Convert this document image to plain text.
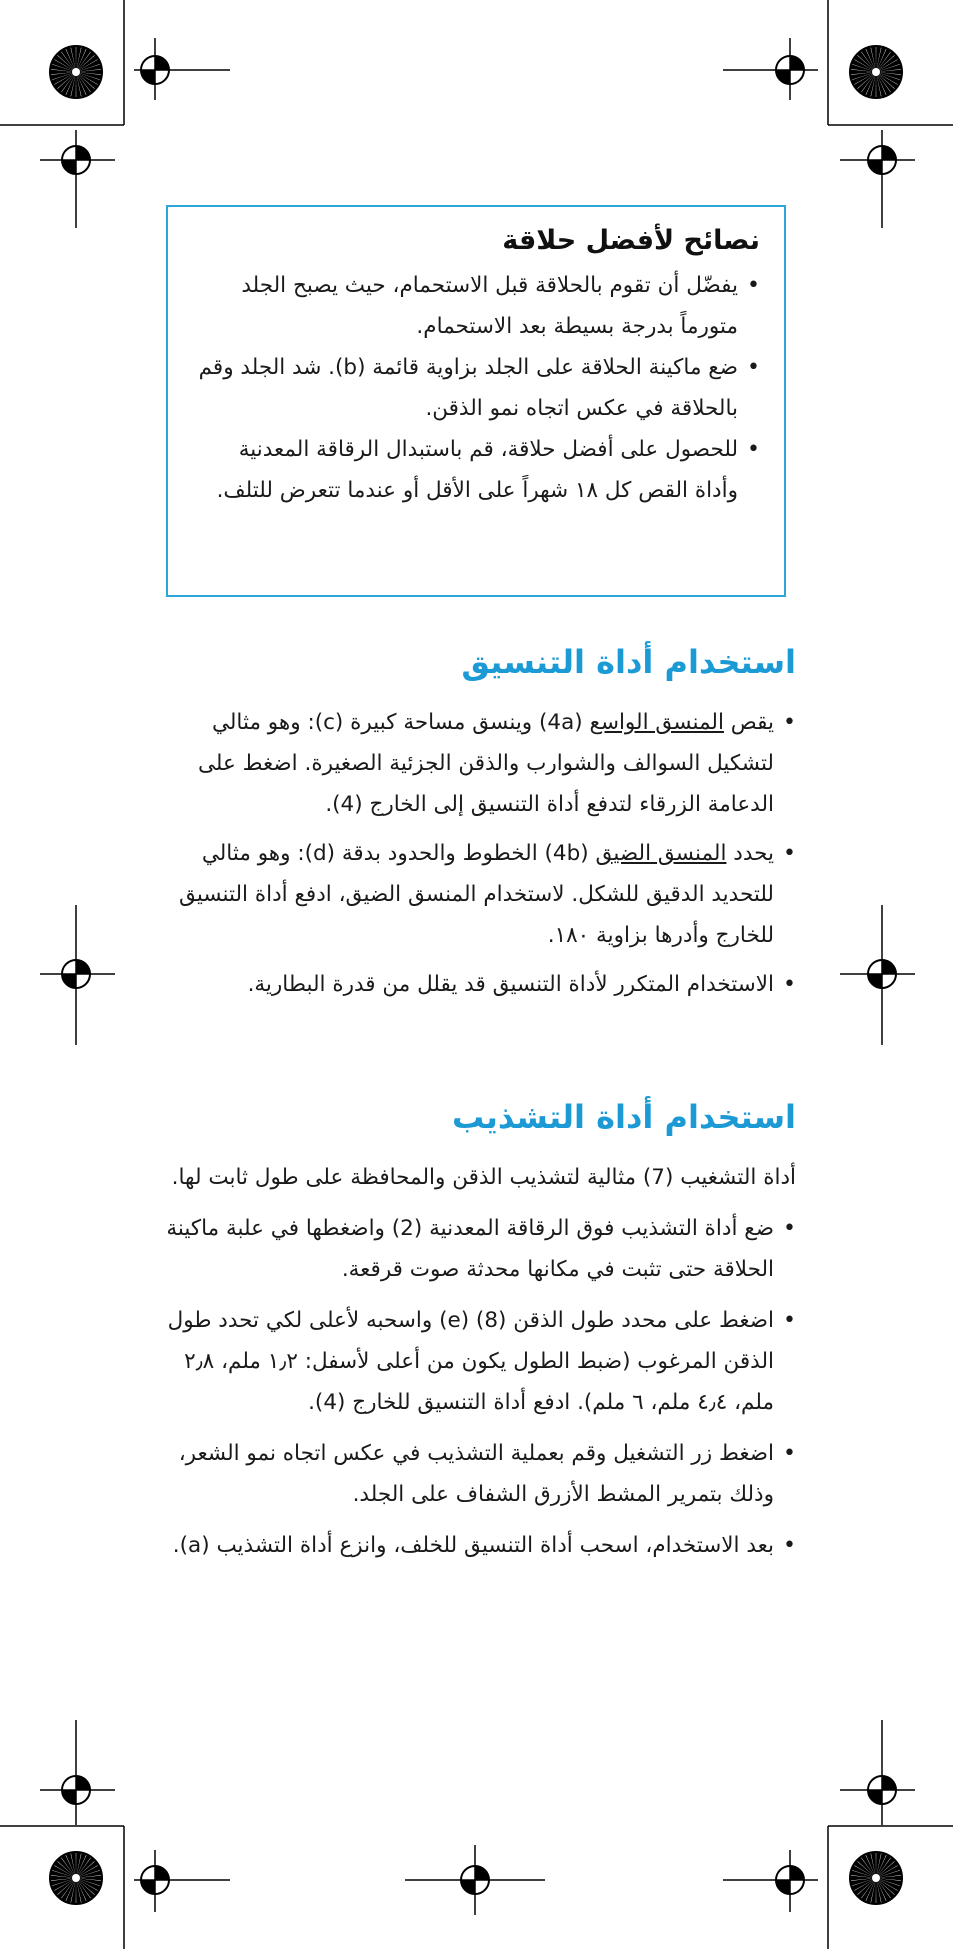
نصائح لأفضل حلاقة
• يفضّل أن تقوم بالحلاقة قبل الاستحمام، حيث يصبح الجلد متورماً بدرجة بسيطة بعد الاستحمام.
• ضع ماكينة الحلاقة على الجلد بزاوية قائمة (b). شد الجلد وقم بالحلاقة في عكس اتجاه نمو الذقن.
• للحصول على أفضل حلاقة، قم باستبدال الرقاقة المعدنية وأداة القص كل ١٨ شهراً على الأقل أو عندما تتعرض للتلف.
استخدام أداة التنسيق
• يقص المنسق الواسع (4a) وينسق مساحة كبيرة (c): وهو مثالي لتشكيل السوالف والشوارب والذقن الجزئية الصغيرة. اضغط على الدعامة الزرقاء لتدفع أداة التنسيق إلى الخارج (4).
• يحدد المنسق الضيق (4b) الخطوط والحدود بدقة (d): وهو مثالي للتحديد الدقيق للشكل. لاستخدام المنسق الضيق، ادفع أداة التنسيق للخارج وأدرها بزاوية ١٨٠.
• الاستخدام المتكرر لأداة التنسيق قد يقلل من قدرة البطارية.
استخدام أداة التشذيب

أداة التشغيب (7) مثالية لتشذيب الذقن والمحافظة على طول ثابت لها.

• ضع أداة التشذيب فوق الرقاقة المعدنية (2) واضغطها في علبة ماكينة الحلاقة حتى تثبت في مكانها محدثة صوت قرقعة.
• اضغط على محدد طول الذقن (8) (e) واسحبه لأعلى لكي تحدد طول الذقن المرغوب (ضبط الطول يكون من أعلى لأسفل: ١٫٢ ملم، ٢٫٨ ملم، ٤٫٤ ملم، ٦ ملم). ادفع أداة التنسيق للخارج (4).
• اضغط زر التشغيل وقم بعملية التشذيب في عكس اتجاه نمو الشعر، وذلك بتمرير المشط الأزرق الشفاف على الجلد.
• بعد الاستخدام، اسحب أداة التنسيق للخلف، وانزع أداة التشذيب (a).
